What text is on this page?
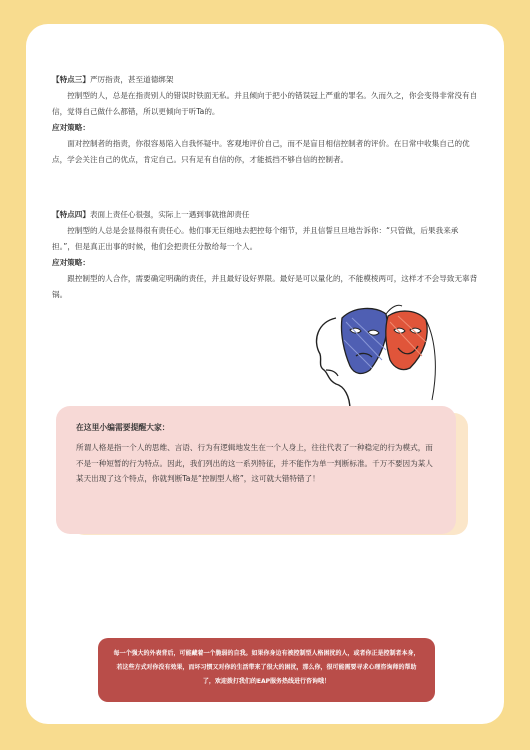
【特点三】严厉指责，甚至道德绑架

控制型的人，总是在指责别人的错误时铁面无私。并且倾向于把小的错误冠上严重的罪名。久而久之，你会变得非常没有自信，觉得自己做什么都错，所以更倾向于听Ta的。

应对策略：

面对控制者的指责，你很容易陷入自我怀疑中。客观地评价自己，而不是盲目相信控制者的评价。在日常中收集自己的优点，学会关注自己的优点，肯定自己。只有足有自信的你，才能抵挡不够自信的控制者。

【特点四】表面上责任心很强，实际上一遇到事就推卸责任

控制型的人总是会显得很有责任心。他们事无巨细地去把控每个细节，并且信誓旦旦地告诉你：“只管做，后果我来承担。”，但是真正出事的时候，他们会把责任分散给每一个人。

应对策略：

跟控制型的人合作，需要确定明确的责任，并且最好设好界限。最好是可以量化的，不能模棱两可，这样才不会导致无辜背锅。

在这里小编需要提醒大家：
所谓人格是指一个人的思维、言语、行为有逻辑地发生在一个人身上，往往代表了一种稳定的行为模式，而不是一种短暂的行为特点。因此，我们列出的这一系列特征，并不能作为单一判断标准。千万不要因为某人某天出现了这个特点，你就判断Ta是“控制型人格”，这可就大错特错了！
每一个强大的外表背后，可能藏着一个脆弱的自我。如果你身边有被控制型人格困扰的人，或者你正是控制者本身，若这些方式对你没有效果，而坏习惯又对你的生活带来了很大的困扰，那么你，很可能需要寻求心理咨询师的帮助了，欢迎拨打我们的EAP服务热线进行咨询哦！
